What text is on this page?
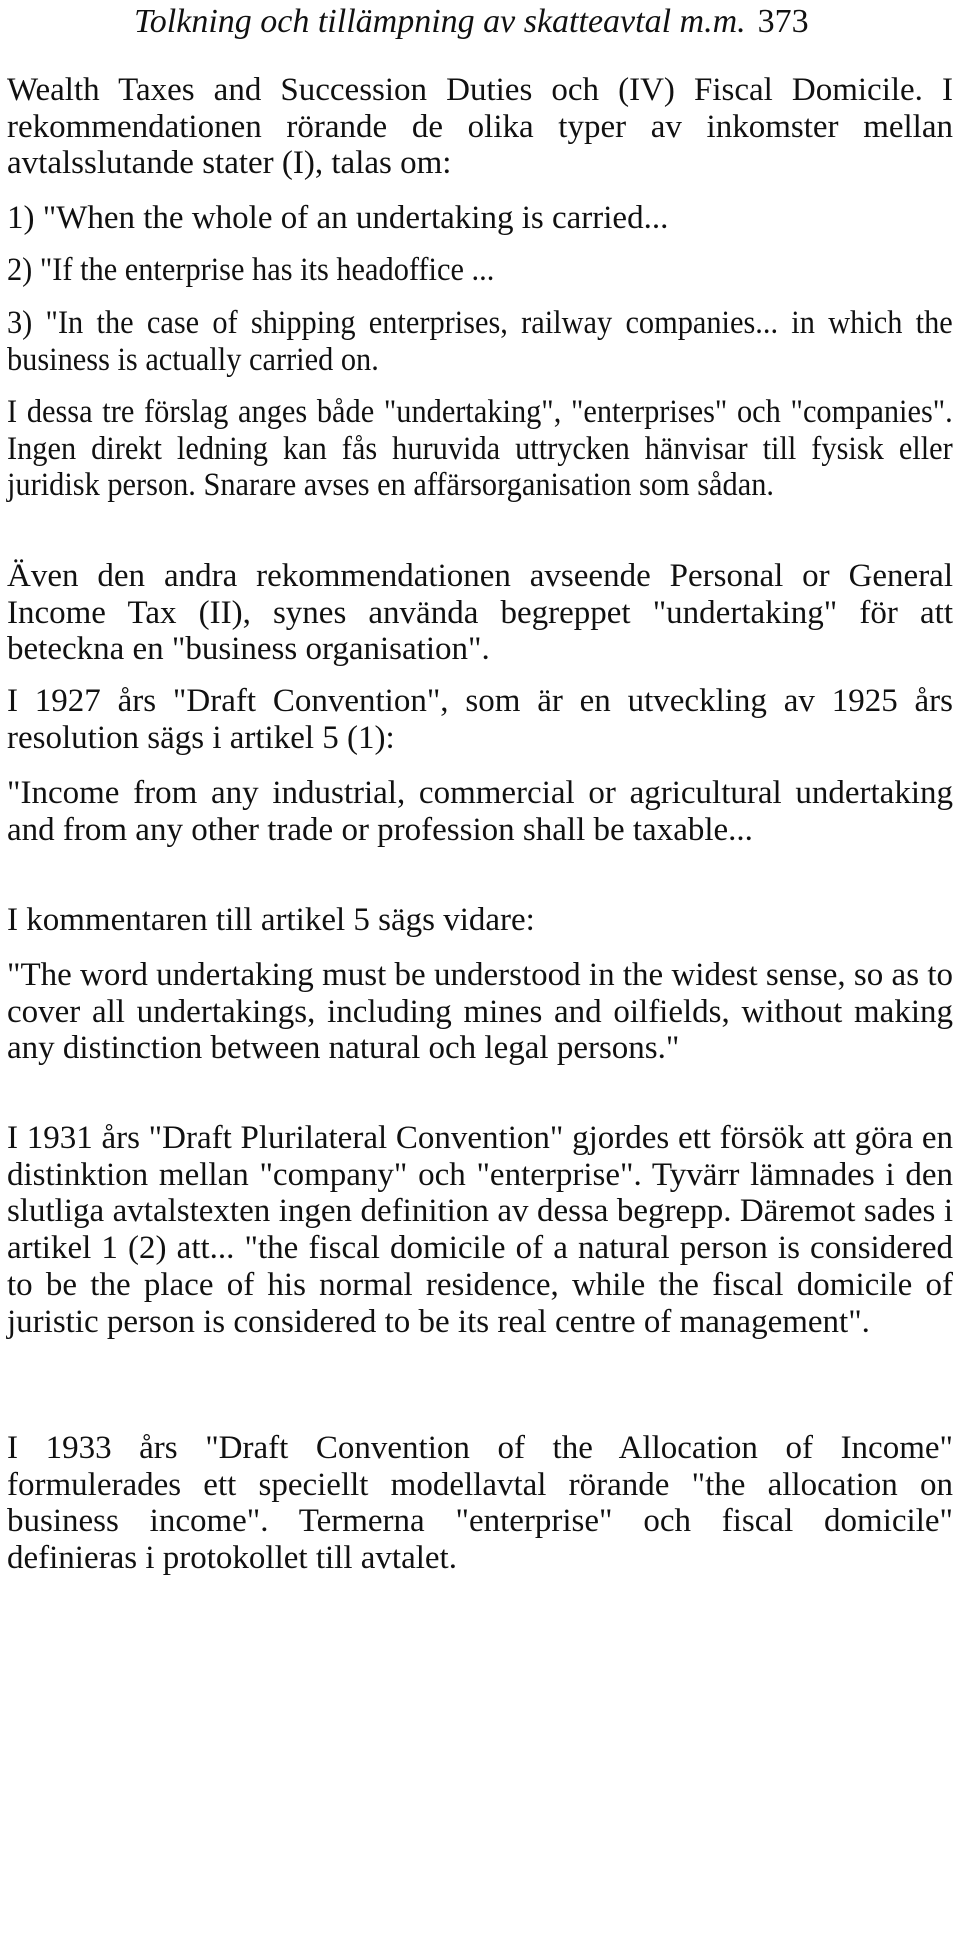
Tolkning och tillämpning av skatteavtal m.m. 373

Wealth Taxes and Succession Duties och (IV) Fiscal Domicile. I rekommendationen rörande de olika typer av inkomster mellan avtalsslutande stater (I), talas om:

1) "When the whole of an undertaking is carried...

2) "If the enterprise has its headoffice ...

3) "In the case of shipping enterprises, railway companies... in which the business is actually carried on.

I dessa tre förslag anges både "undertaking", "enterprises" och "companies". Ingen direkt ledning kan fås huruvida uttrycken hänvisar till fysisk eller juridisk person. Snarare avses en affärsorganisation som sådan.

Även den andra rekommendationen avseende Personal or General Income Tax (II), synes använda begreppet "undertaking" för att beteckna en "business organisation".

I 1927 års "Draft Convention", som är en utveckling av 1925 års resolution sägs i artikel 5 (1):

"Income from any industrial, commercial or agricultural undertaking and from any other trade or profession shall be taxable...

I kommentaren till artikel 5 sägs vidare:

"The word undertaking must be understood in the widest sense, so as to cover all undertakings, including mines and oilfields, without making any distinction between natural och legal persons."

I 1931 års "Draft Plurilateral Convention" gjordes ett försök att göra en distinktion mellan "company" och "enterprise". Tyvärr lämnades i den slutliga avtalstexten ingen definition av dessa begrepp. Däremot sades i artikel 1 (2) att... "the fiscal domicile of a natural person is considered to be the place of his normal residence, while the fiscal domicile of juristic person is considered to be its real centre of management".

I 1933 års "Draft Convention of the Allocation of Income" formulerades ett speciellt modellavtal rörande "the allocation on business income". Termerna "enterprise" och fiscal domicile" definieras i protokollet till avtalet.
